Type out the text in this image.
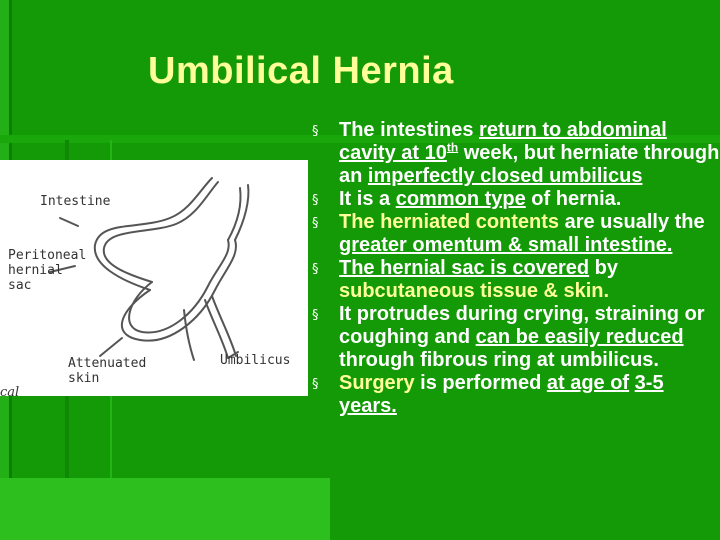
Umbilical Hernia
Intestine
Peritoneal
hernial
sac
Attenuated
skin
Umbilicus
cal
§ The intestines return to abdominal cavity at 10th week, but herniate through an imperfectly closed umbilicus
§ It is a common type of hernia.
§ The herniated contents are usually the greater omentum & small intestine.
§ The hernial sac is covered by subcutaneous tissue & skin.
§ It protrudes during crying, straining or coughing and can be easily reduced through fibrous ring at umbilicus.
§ Surgery is performed at age of 3-5 years.
